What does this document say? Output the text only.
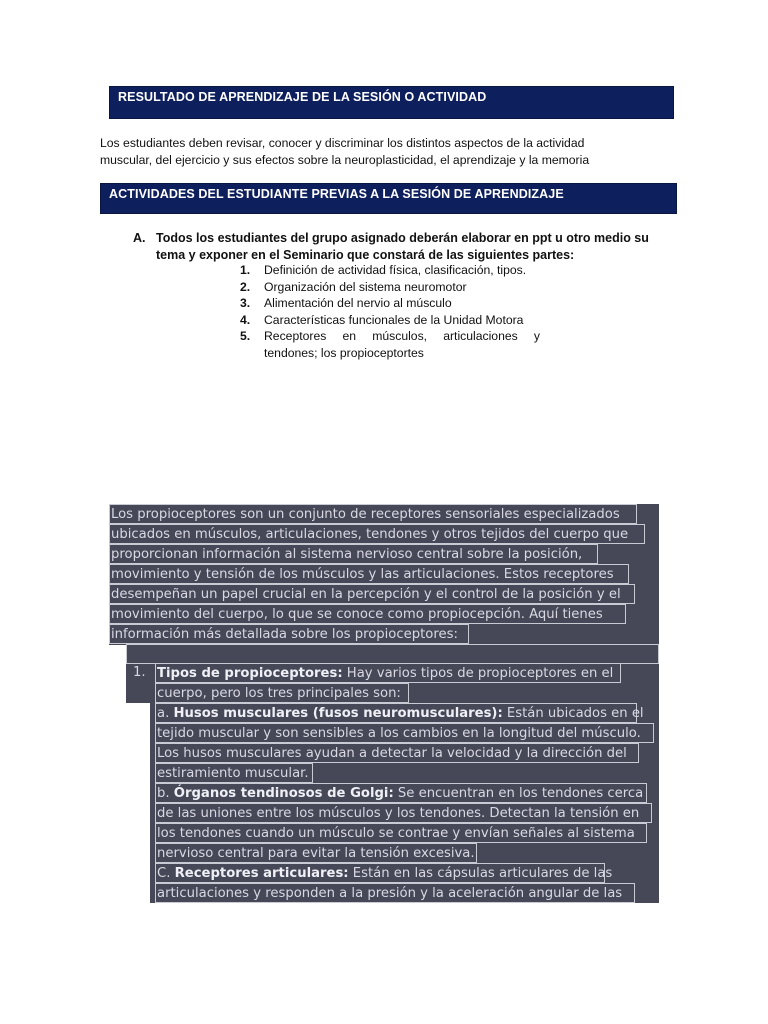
RESULTADO DE APRENDIZAJE DE LA SESIÓN O ACTIVIDAD
Los estudiantes deben revisar, conocer y discriminar los distintos aspectos de la actividad
muscular, del ejercicio y sus efectos sobre la neuroplasticidad, el aprendizaje y la memoria
ACTIVIDADES DEL ESTUDIANTE PREVIAS A LA SESIÓN DE APRENDIZAJE
A. Todos los estudiantes del grupo asignado deberán elaborar en ppt u otro medio su
tema y exponer en el Seminario que constará de las siguientes partes:
1. Definición de actividad física, clasificación, tipos.
2. Organización del sistema neuromotor
3. Alimentación del nervio al músculo
4. Características funcionales de la Unidad Motora
5. Receptores en músculos, articulaciones y tendones; los propioceptortes
Los propioceptores son un conjunto de receptores sensoriales especializados
ubicados en músculos, articulaciones, tendones y otros tejidos del cuerpo que
proporcionan información al sistema nervioso central sobre la posición,
movimiento y tensión de los músculos y las articulaciones. Estos receptores
desempeñan un papel crucial en la percepción y el control de la posición y el
movimiento del cuerpo, lo que se conoce como propiocepción. Aquí tienes
información más detallada sobre los propioceptores:
1. Tipos de propioceptores: Hay varios tipos de propioceptores en el
cuerpo, pero los tres principales son:
a. Husos musculares (fusos neuromusculares): Están ubicados en el
tejido muscular y son sensibles a los cambios en la longitud del músculo.
Los husos musculares ayudan a detectar la velocidad y la dirección del
estiramiento muscular.
b. Órganos tendinosos de Golgi: Se encuentran en los tendones cerca
de las uniones entre los músculos y los tendones. Detectan la tensión en
los tendones cuando un músculo se contrae y envían señales al sistema
nervioso central para evitar la tensión excesiva.
C. Receptores articulares: Están en las cápsulas articulares de las
articulaciones y responden a la presión y la aceleración angular de las
